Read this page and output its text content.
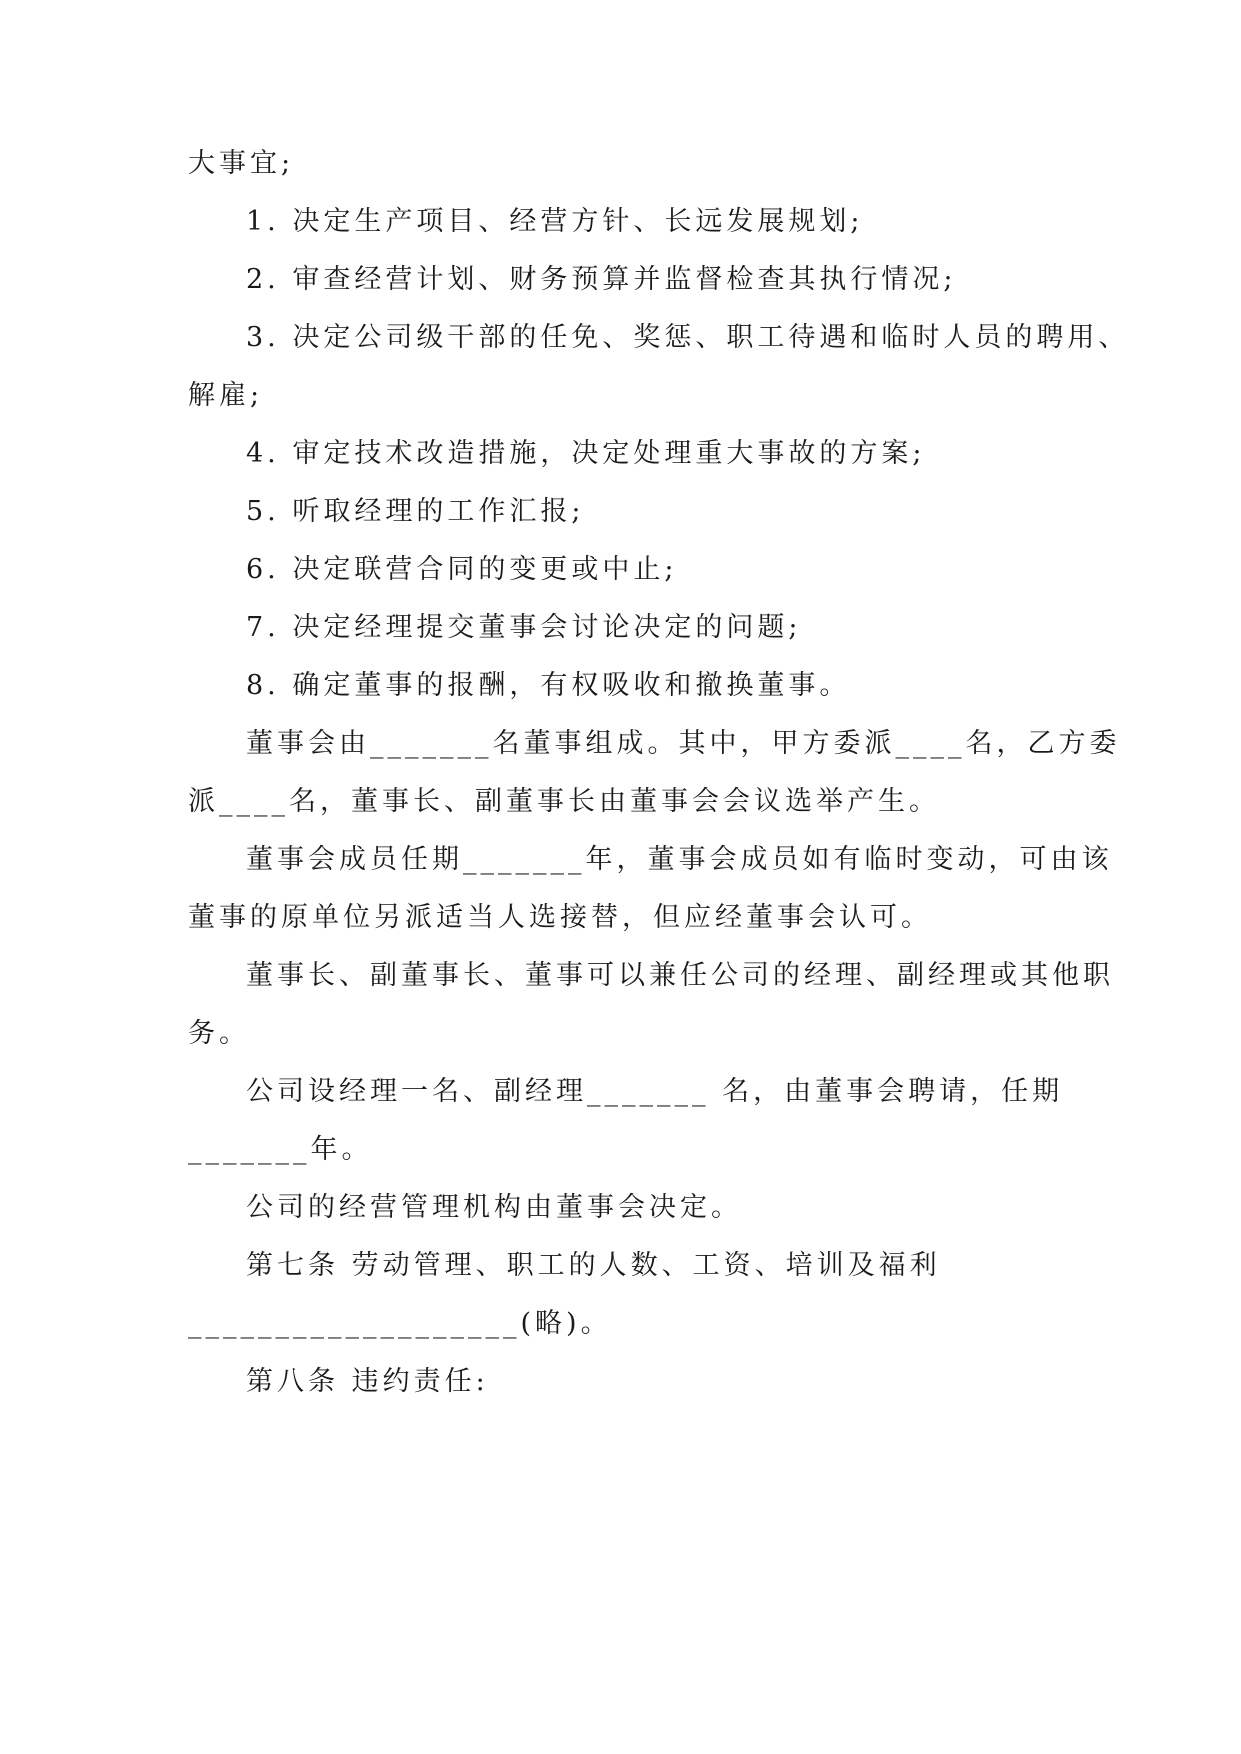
大事宜;
1. 决定生产项目、经营方针、长远发展规划;
2. 审查经营计划、财务预算并监督检查其执行情况;
3. 决定公司级干部的任免、奖惩、职工待遇和临时人员的聘用、
解雇;
4. 审定技术改造措施，决定处理重大事故的方案;
5. 听取经理的工作汇报;
6. 决定联营合同的变更或中止;
7. 决定经理提交董事会讨论决定的问题;
8. 确定董事的报酬，有权吸收和撤换董事。
董事会由_______名董事组成。其中，甲方委派____名，乙方委
派____名，董事长、副董事长由董事会会议选举产生。
董事会成员任期_______年，董事会成员如有临时变动，可由该
董事的原单位另派适当人选接替，但应经董事会认可。
董事长、副董事长、董事可以兼任公司的经理、副经理或其他职
务。
公司设经理一名、副经理_______ 名，由董事会聘请，任期
_______年。
公司的经营管理机构由董事会决定。
第七条 劳动管理、职工的人数、工资、培训及福利
___________________(略)。
第八条 违约责任:
